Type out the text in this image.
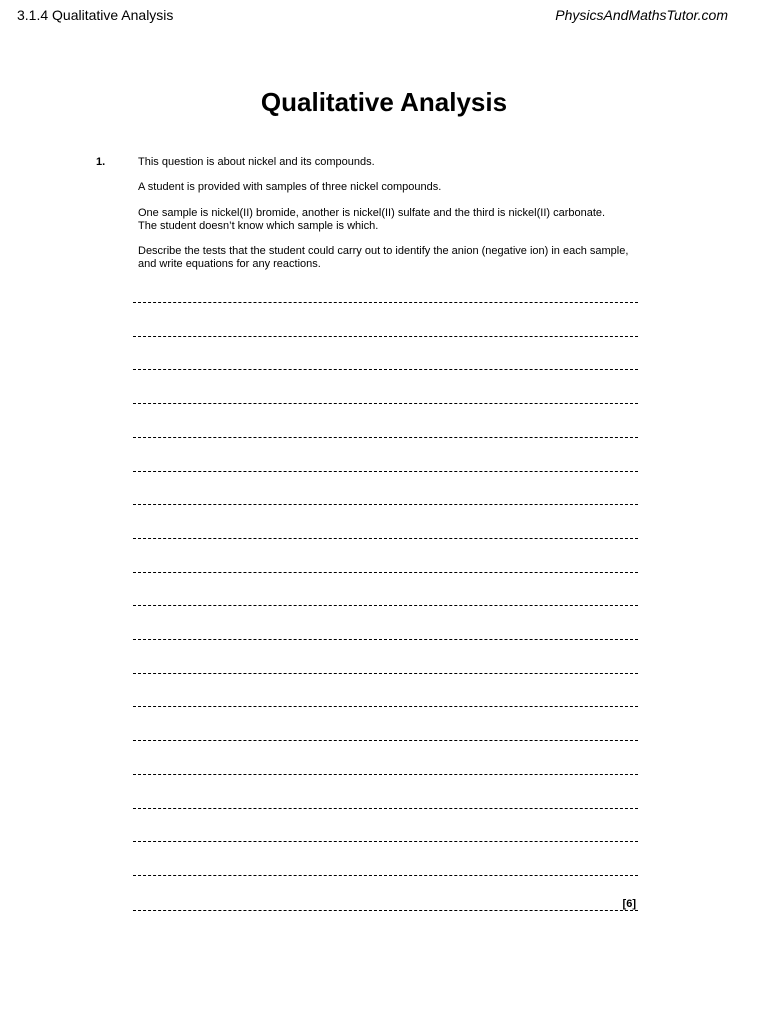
3.1.4 Qualitative Analysis	PhysicsAndMathsTutor.com
Qualitative Analysis
1.	This question is about nickel and its compounds.
A student is provided with samples of three nickel compounds.
One sample is nickel(II) bromide, another is nickel(II) sulfate and the third is nickel(II) carbonate.
The student doesn’t know which sample is which.
Describe the tests that the student could carry out to identify the anion (negative ion) in each sample, and write equations for any reactions.
[6]
